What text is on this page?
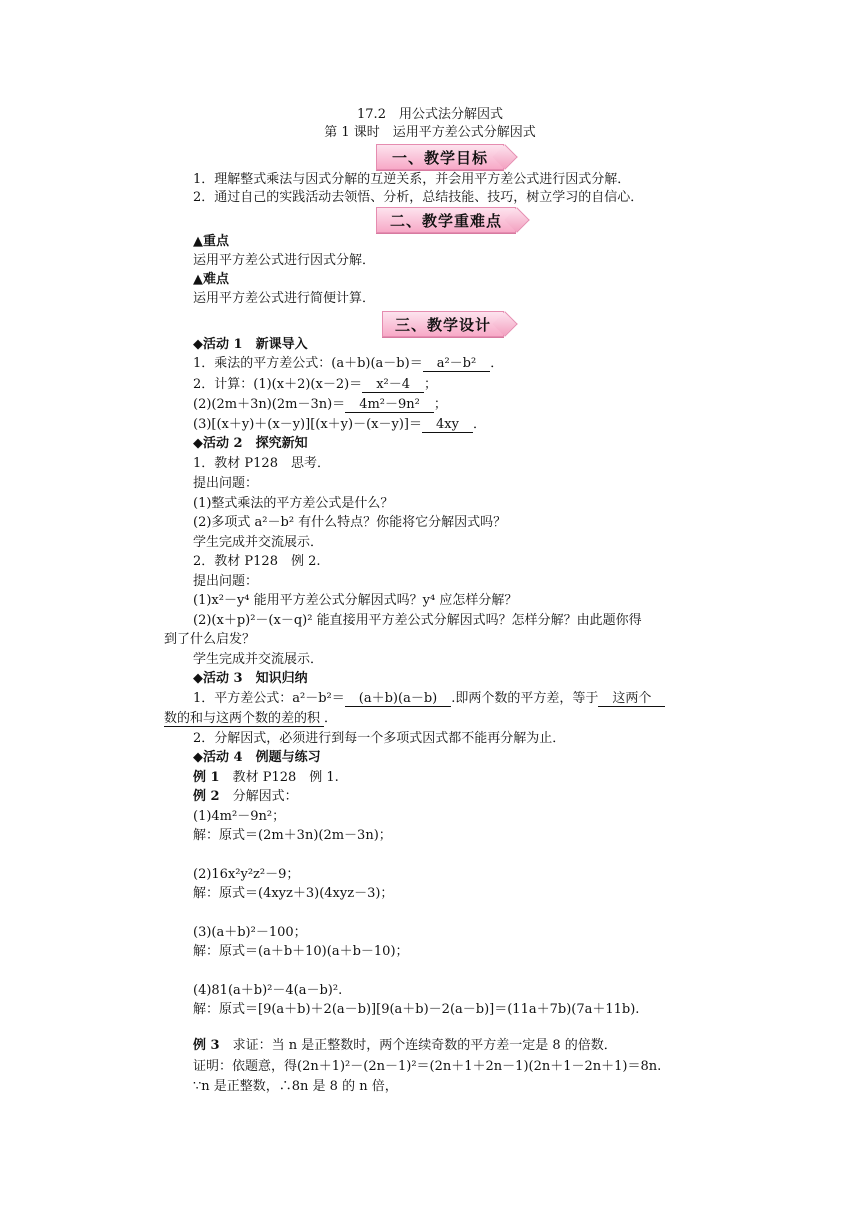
17.2　用公式法分解因式
第 1 课时　运用平方差公式分解因式
一、教学目标
1．理解整式乘法与因式分解的互逆关系，并会用平方差公式进行因式分解．
2．通过自己的实践活动去领悟、分析，总结技能、技巧，树立学习的自信心．
二、教学重难点
▲重点
运用平方差公式进行因式分解．
▲难点
运用平方差公式进行简便计算．
三、教学设计
◆活动 1　新课导入
1．乘法的平方差公式：(a＋b)(a－b)＝ a²－b² ．
2．计算：(1)(x＋2)(x－2)＝ x²－4 ；
(2)(2m＋3n)(2m－3n)＝ 4m²－9n² ；
(3)[(x＋y)＋(x－y)][(x＋y)－(x－y)]＝ 4xy ．
◆活动 2　探究新知
1．教材 P128　思考．
提出问题：
(1)整式乘法的平方差公式是什么？
(2)多项式 a²－b² 有什么特点？你能将它分解因式吗？
学生完成并交流展示．
2．教材 P128　例 2.
提出问题：
(1)x²－y⁴ 能用平方差公式分解因式吗？y⁴ 应怎样分解？
(2)(x＋p)²－(x－q)² 能直接用平方差公式分解因式吗？怎样分解？由此题你得
到了什么启发？
学生完成并交流展示．
◆活动 3　知识归纳
1．平方差公式：a²－b²＝ (a＋b)(a－b) .即两个数的平方差，等于 这两个
数的和与这两个数的差的积 ．
2．分解因式，必须进行到每一个多项式因式都不能再分解为止．
◆活动 4　例题与练习
例 1　教材 P128　例 1.
例 2　分解因式：
(1)4m²－9n²；
解：原式＝(2m＋3n)(2m－3n)；
(2)16x²y²z²－9；
解：原式＝(4xyz＋3)(4xyz－3)；
(3)(a＋b)²－100；
解：原式＝(a＋b＋10)(a＋b－10)；
(4)81(a＋b)²－4(a－b)².
解：原式＝[9(a＋b)＋2(a－b)][9(a＋b)－2(a－b)]＝(11a＋7b)(7a＋11b).
例 3　求证：当 n 是正整数时，两个连续奇数的平方差一定是 8 的倍数．
证明：依题意，得(2n＋1)²－(2n－1)²＝(2n＋1＋2n－1)(2n＋1－2n＋1)＝8n.
∵n 是正整数，∴8n 是 8 的 n 倍，
